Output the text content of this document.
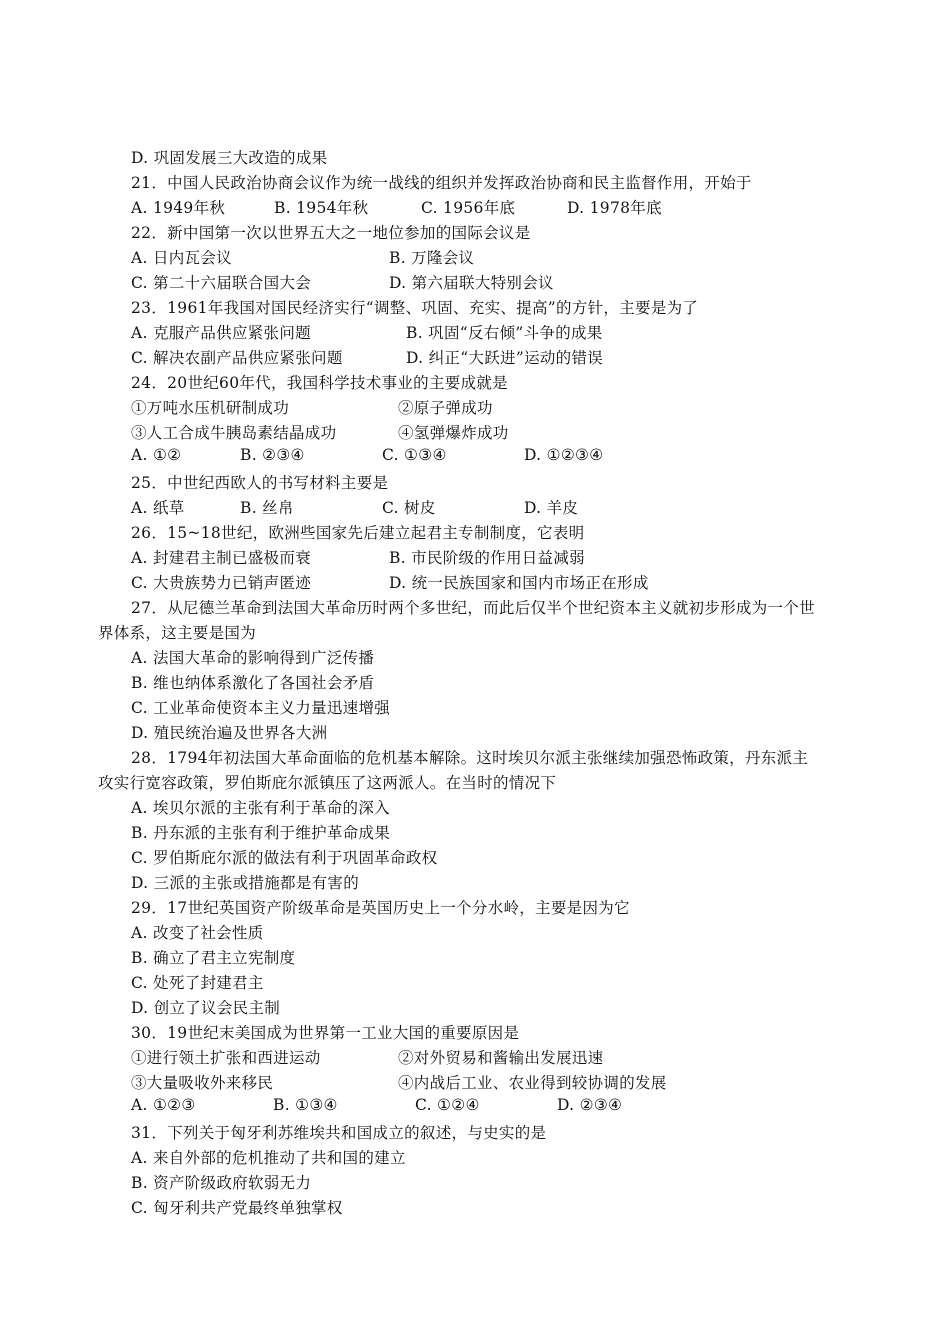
D. 巩固发展三大改造的成果
21．中国人民政治协商会议作为统一战线的组织并发挥政治协商和民主监督作用，开始于
A. 1949年秋	B. 1954年秋	C. 1956年底	D. 1978年底
22．新中国第一次以世界五大之一地位参加的国际会议是
A. 日内瓦会议	B. 万隆会议
C. 第二十六届联合国大会	D. 第六届联大特别会议
23．1961年我国对国民经济实行“调整、巩固、充实、提高”的方针，主要是为了
A. 克服产品供应紧张问题	B. 巩固“反右倾”斗争的成果
C. 解决农副产品供应紧张问题	D. 纠正“大跃进”运动的错误
24．20世纪60年代，我国科学技术事业的主要成就是
①万吨水压机研制成功	②原子弹成功
③人工合成牛胰岛素结晶成功	④氢弹爆炸成功
A. ①②	B. ②③④	C. ①③④	D. ①②③④
25．中世纪西欧人的书写材料主要是
A. 纸草	B. 丝帛	C. 树皮	D. 羊皮
26．15~18世纪，欧洲些国家先后建立起君主专制制度，它表明
A. 封建君主制已盛极而衰	B. 市民阶级的作用日益减弱
C. 大贵族势力已销声匿迹	D. 统一民族国家和国内市场正在形成
27．从尼德兰革命到法国大革命历时两个多世纪，而此后仅半个世纪资本主义就初步形成为一个世
界体系，这主要是国为
A. 法国大革命的影响得到广泛传播
B. 维也纳体系激化了各国社会矛盾
C. 工业革命使资本主义力量迅速增强
D. 殖民统治遍及世界各大洲
28．1794年初法国大革命面临的危机基本解除。这时埃贝尔派主张继续加强恐怖政策，丹东派主
攻实行宽容政策，罗伯斯庇尔派镇压了这两派人。在当时的情况下
A. 埃贝尔派的主张有利于革命的深入
B. 丹东派的主张有利于维护革命成果
C. 罗伯斯庇尔派的做法有利于巩固革命政权
D. 三派的主张或措施都是有害的
29．17世纪英国资产阶级革命是英国历史上一个分水岭，主要是因为它
A. 改变了社会性质
B. 确立了君主立宪制度
C. 处死了封建君主
D. 创立了议会民主制
30．19世纪末美国成为世界第一工业大国的重要原因是
①进行领土扩张和西进运动	②对外贸易和酱输出发展迅速
③大量吸收外来移民	④内战后工业、农业得到较协调的发展
A. ①②③	B. ①③④	C. ①②④	D. ②③④
31．下列关于匈牙利苏维埃共和国成立的叙述，与史实的是
A. 来自外部的危机推动了共和国的建立
B. 资产阶级政府软弱无力
C. 匈牙利共产党最终单独掌权
